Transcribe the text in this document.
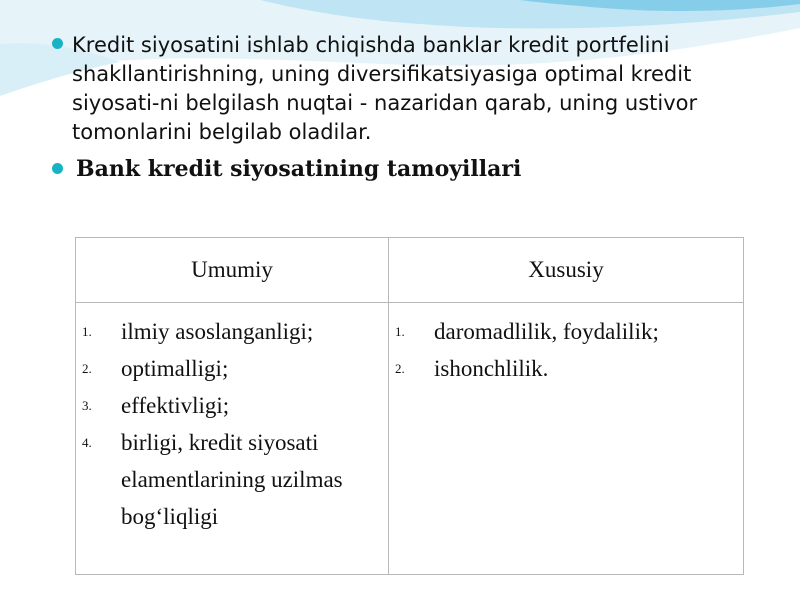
Kredit siyosatini ishlab chiqishda banklar kredit portfelini shakllantirishning, uning diversifikatsiyasiga optimal kredit siyosati-ni belgilash nuqtai - nazaridan qarab, uning ustivor tomonlarini belgilab oladilar.
Bank kredit siyosatining tamoyillari
Umumiy	Xususiy
1. ilmiy asoslanganligi;
2. optimalligi;
3. effektivligi;
4. birligi, kredit siyosati
elamentlarining uzilmas
bog‘liqligi
1. daromadlilik, foydalilik;
2. ishonchlilik.
